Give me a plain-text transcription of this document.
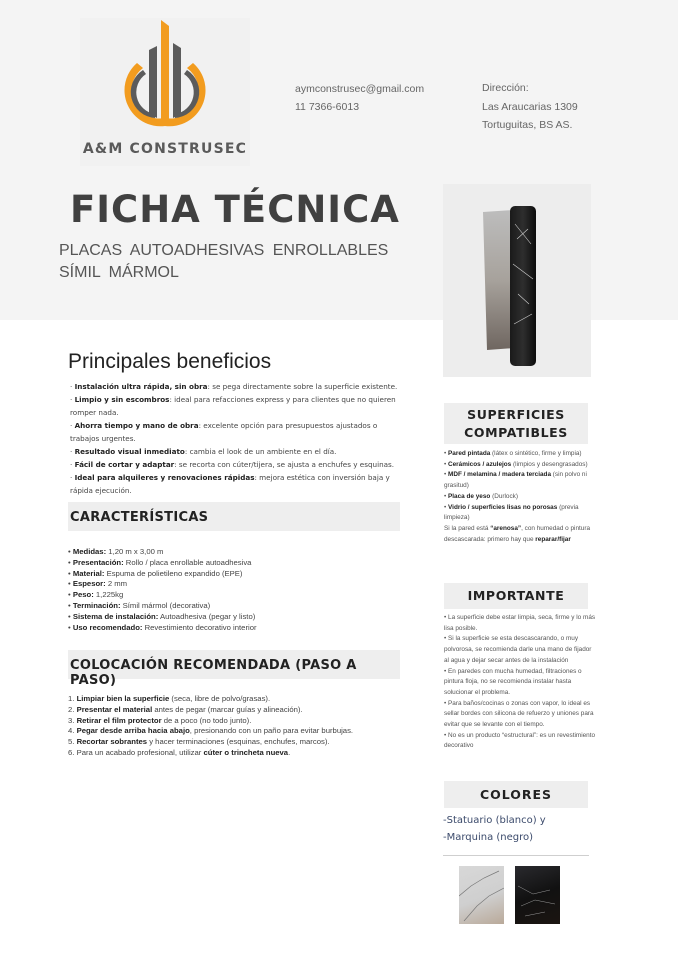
A&M CONSTRUSEC
aymconstrusec@gmail.com
11 7366-6013
Dirección:
Las Araucarias 1309
Tortuguitas, BS AS.
FICHA TÉCNICA
PLACAS AUTOADHESIVAS ENROLLABLES
SÍMIL MÁRMOL
Principales beneficios
· Instalación ultra rápida, sin obra: se pega directamente sobre la superficie existente.
· Limpio y sin escombros: ideal para refacciones express y para clientes que no quieren romper nada.
· Ahorra tiempo y mano de obra: excelente opción para presupuestos ajustados o trabajos urgentes.
· Resultado visual inmediato: cambia el look de un ambiente en el día.
· Fácil de cortar y adaptar: se recorta con cúter/tijera, se ajusta a enchufes y esquinas.
· Ideal para alquileres y renovaciones rápidas: mejora estética con inversión baja y rápida ejecución.
CARACTERÍSTICAS
• Medidas: 1,20 m x 3,00 m
• Presentación: Rollo / placa enrollable autoadhesiva
• Material: Espuma de polietileno expandido (EPE)
• Espesor: 2 mm
• Peso: 1,225kg
• Terminación: Símil mármol (decorativa)
• Sistema de instalación: Autoadhesiva (pegar y listo)
• Uso recomendado: Revestimiento decorativo interior
COLOCACIÓN RECOMENDADA (PASO A PASO)
1. Limpiar bien la superficie (seca, libre de polvo/grasas).
2. Presentar el material antes de pegar (marcar guías y alineación).
3. Retirar el film protector de a poco (no todo junto).
4. Pegar desde arriba hacia abajo, presionando con un paño para evitar burbujas.
5. Recortar sobrantes y hacer terminaciones (esquinas, enchufes, marcos).
6. Para un acabado profesional, utilizar cúter o trincheta nueva.
SUPERFICIES
COMPATIBLES
• Pared pintada (látex o sintético, firme y limpia)
• Cerámicos / azulejos (limpios y desengrasados)
• MDF / melamina / madera terciada (sin polvo ni grasitud)
• Placa de yeso (Durlock)
• Vidrio / superficies lisas no porosas (previa limpieza)
Si la pared está “arenosa”, con humedad o pintura descascarada: primero hay que reparar/fijar
IMPORTANTE
• La superficie debe estar limpia, seca, firme y lo más lisa posible.
• Si la superficie se esta descascarando, o muy polvorosa, se recomienda darle una mano de fijador al agua y dejar secar antes de la instalación
• En paredes con mucha humedad, filtraciones o pintura floja, no se recomienda instalar hasta solucionar el problema.
• Para baños/cocinas o zonas con vapor, lo ideal es sellar bordes con silicona de refuerzo y uniones para evitar que se levante con el tiempo.
• No es un producto “estructural”: es un revestimiento decorativo
COLORES
-Statuario (blanco) y
-Marquina (negro)
